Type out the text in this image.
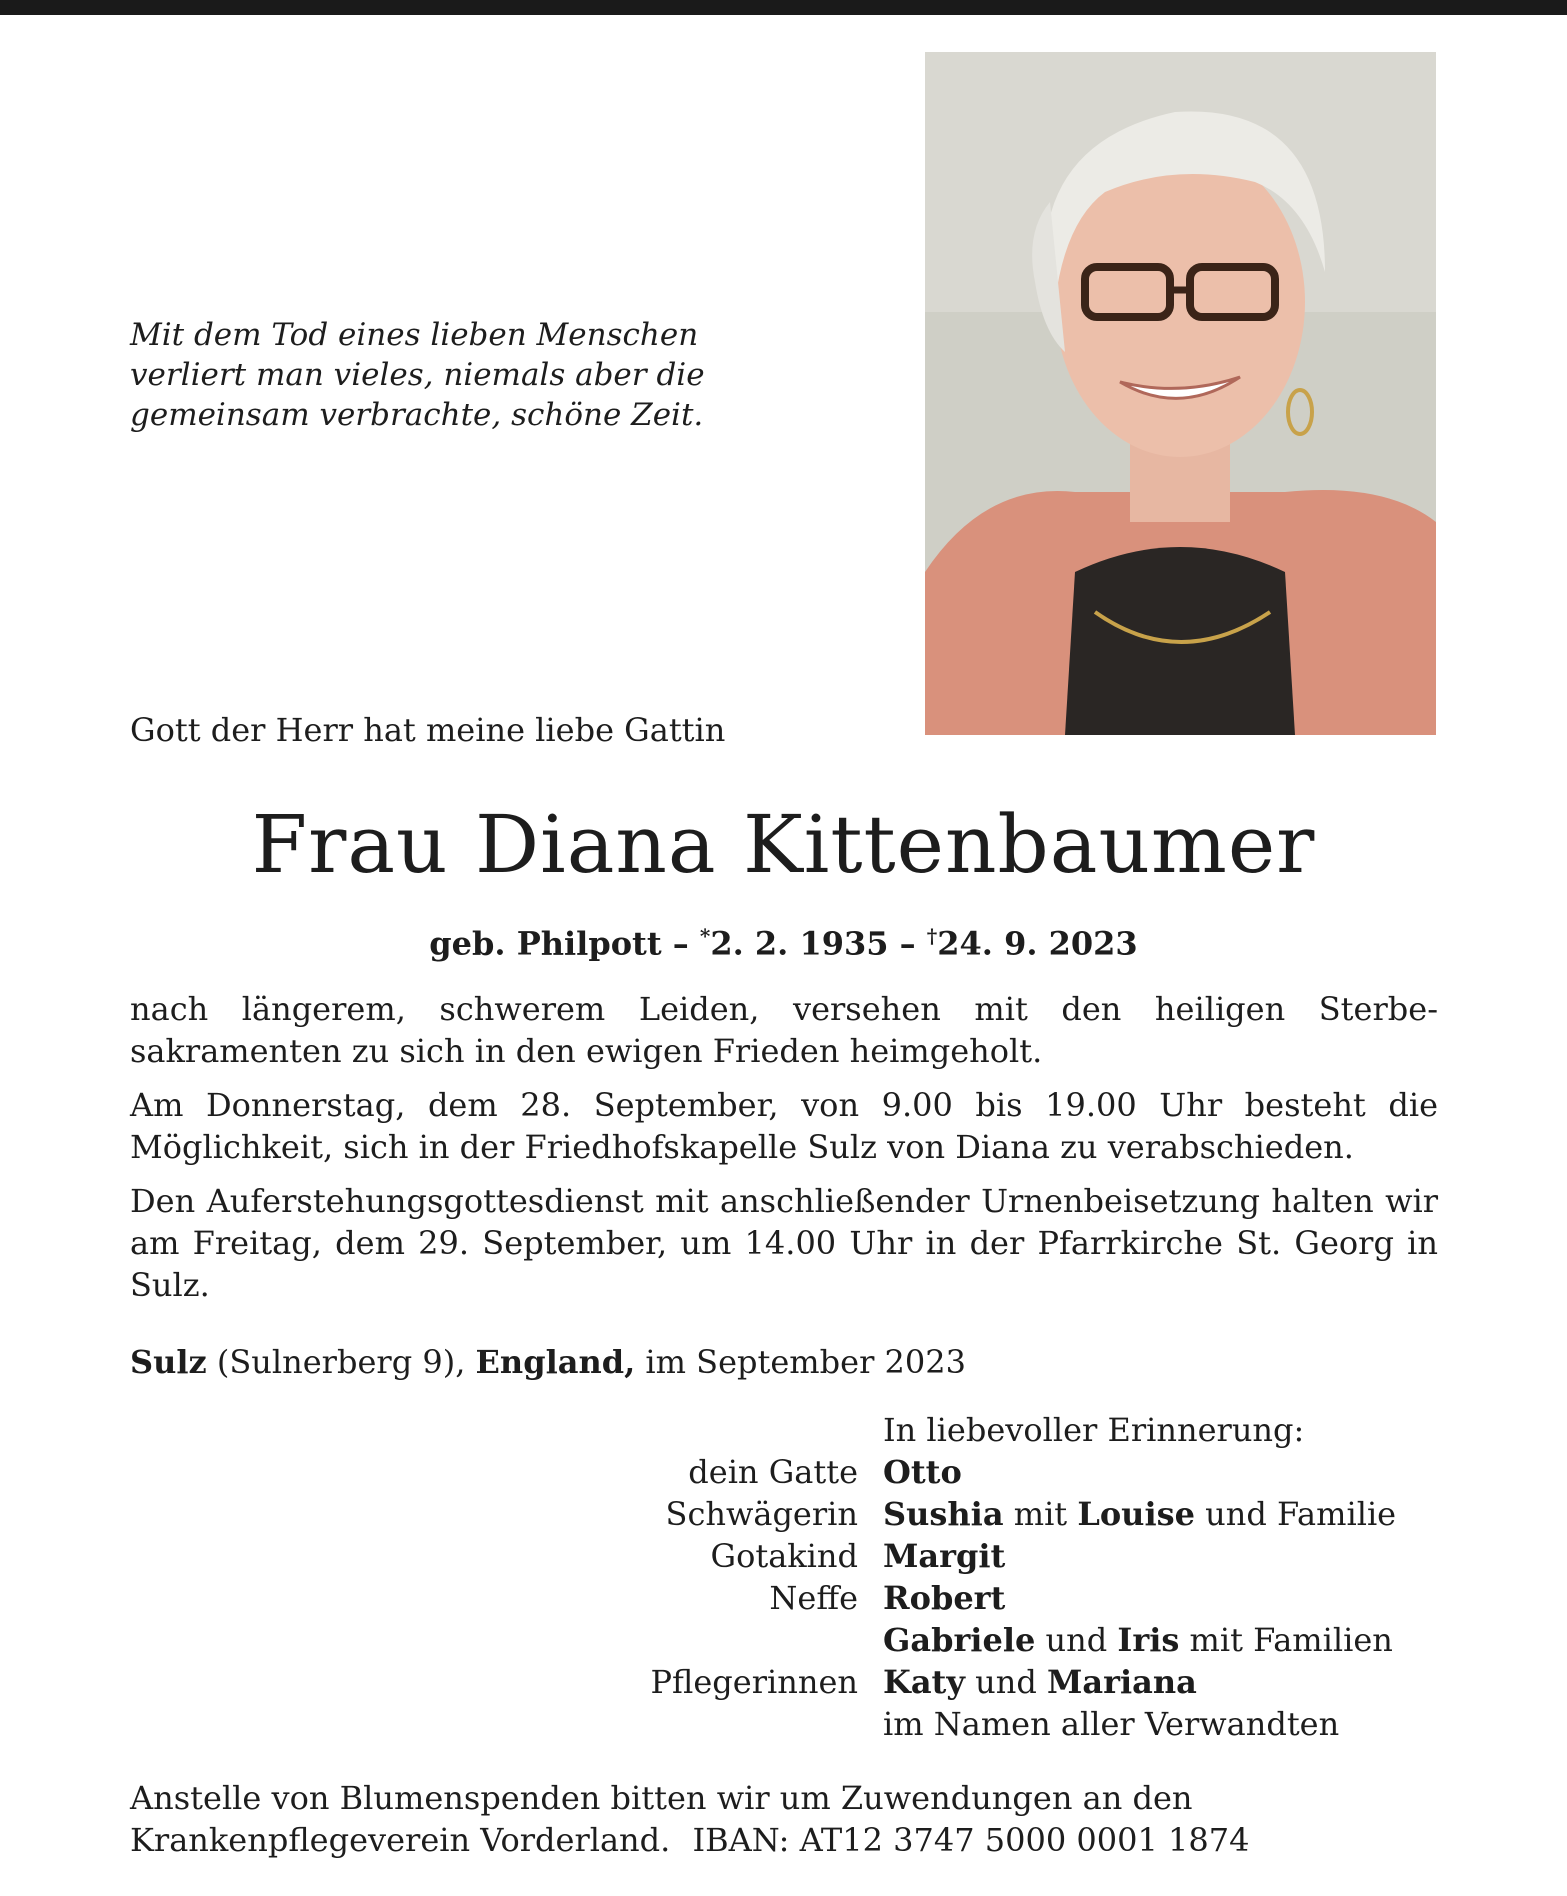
Mit dem Tod eines lieben Menschen
verliert man vieles, niemals aber die
gemeinsam verbrachte, schöne Zeit.
Gott der Herr hat meine liebe Gattin
Frau Diana Kittenbaumer
geb. Philpott – *2. 2. 1935 – †24. 9. 2023

nach längerem, schwerem Leiden, versehen mit den heiligen Sterbesakramenten zu sich in den ewigen Frieden heimgeholt.

Am Donnerstag, dem 28. September, von 9.00 bis 19.00 Uhr besteht die Möglichkeit, sich in der Friedhofskapelle Sulz von Diana zu verabschieden.

Den Auferstehungsgottesdienst mit anschließender Urnenbeisetzung halten wir am Freitag, dem 29. September, um 14.00 Uhr in der Pfarrkirche St. Georg in Sulz.

Sulz (Sulnerberg 9), England, im September 2023
In liebevoller Erinnerung:
dein Gatte	Otto
Schwägerin	Sushia mit Louise und Familie
Gotakind	Margit
Neffe	Robert
	Gabriele und Iris mit Familien
Pflegerinnen	Katy und Mariana
	im Namen aller Verwandten
Anstelle von Blumenspenden bitten wir um Zuwendungen an den
Krankenpflegeverein Vorderland. IBAN: AT12 3747 5000 0001 1874
